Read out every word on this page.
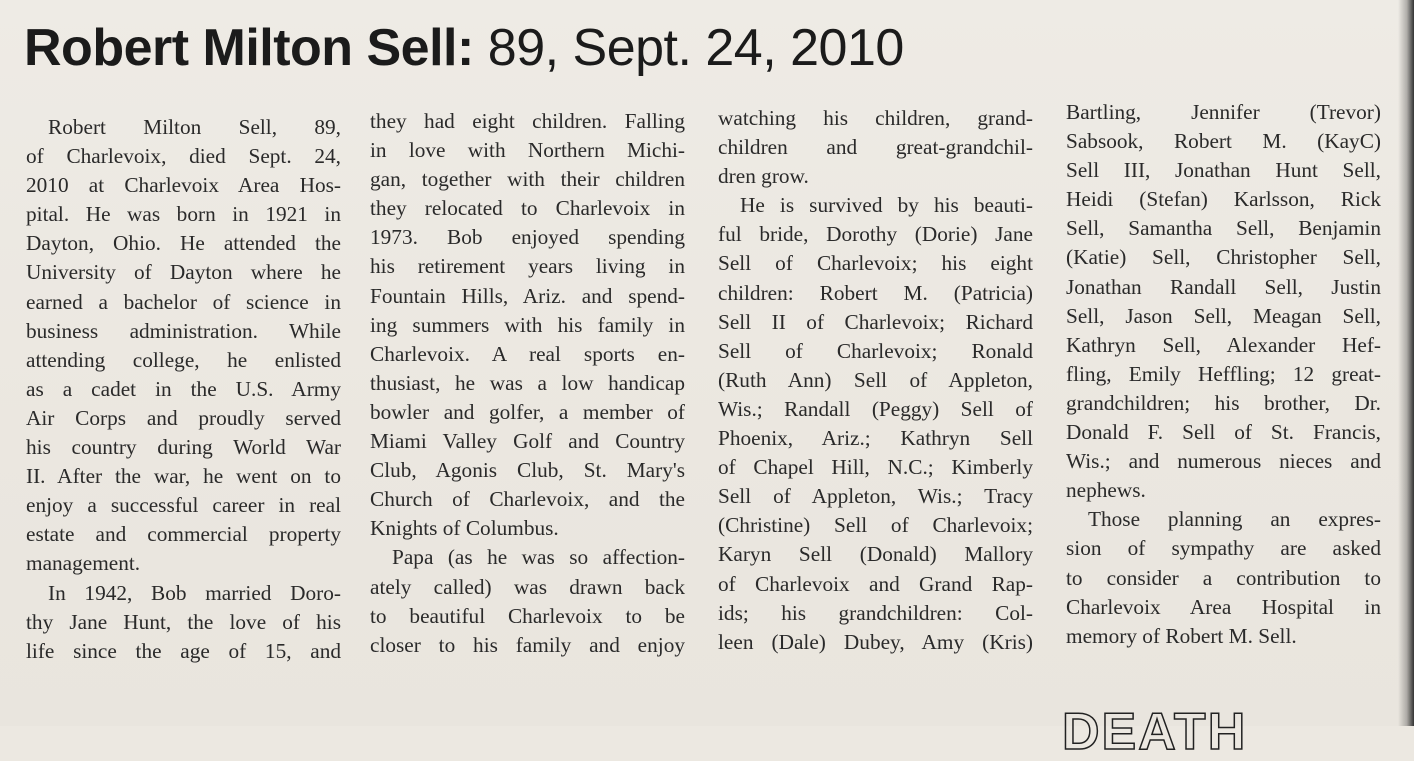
Robert Milton Sell: 89, Sept. 24, 2010
Robert Milton Sell, 89,
of Charlevoix, died Sept. 24,
2010 at Charlevoix Area Hos-
pital. He was born in 1921 in
Dayton, Ohio. He attended the
University of Dayton where he
earned a bachelor of science in
business administration. While
attending college, he enlisted
as a cadet in the U.S. Army
Air Corps and proudly served
his country during World War
II. After the war, he went on to
enjoy a successful career in real
estate and commercial property
management.
In 1942, Bob married Doro-
thy Jane Hunt, the love of his
life since the age of 15, and
they had eight children. Falling
in love with Northern Michi-
gan, together with their children
they relocated to Charlevoix in
1973. Bob enjoyed spending
his retirement years living in
Fountain Hills, Ariz. and spend-
ing summers with his family in
Charlevoix. A real sports en-
thusiast, he was a low handicap
bowler and golfer, a member of
Miami Valley Golf and Country
Club, Agonis Club, St. Mary's
Church of Charlevoix, and the
Knights of Columbus.
Papa (as he was so affection-
ately called) was drawn back
to beautiful Charlevoix to be
closer to his family and enjoy
watching his children, grand-
children and great-grandchil-
dren grow.
He is survived by his beauti-
ful bride, Dorothy (Dorie) Jane
Sell of Charlevoix; his eight
children: Robert M. (Patricia)
Sell II of Charlevoix; Richard
Sell of Charlevoix; Ronald
(Ruth Ann) Sell of Appleton,
Wis.; Randall (Peggy) Sell of
Phoenix, Ariz.; Kathryn Sell
of Chapel Hill, N.C.; Kimberly
Sell of Appleton, Wis.; Tracy
(Christine) Sell of Charlevoix;
Karyn Sell (Donald) Mallory
of Charlevoix and Grand Rap-
ids; his grandchildren: Col-
leen (Dale) Dubey, Amy (Kris)
Bartling, Jennifer (Trevor)
Sabsook, Robert M. (KayC)
Sell III, Jonathan Hunt Sell,
Heidi (Stefan) Karlsson, Rick
Sell, Samantha Sell, Benjamin
(Katie) Sell, Christopher Sell,
Jonathan Randall Sell, Justin
Sell, Jason Sell, Meagan Sell,
Kathryn Sell, Alexander Hef-
fling, Emily Heffling; 12 great-
grandchildren; his brother, Dr.
Donald F. Sell of St. Francis,
Wis.; and numerous nieces and
nephews.
Those planning an expres-
sion of sympathy are asked
to consider a contribution to
Charlevoix Area Hospital in
memory of Robert M. Sell.
DEATH
